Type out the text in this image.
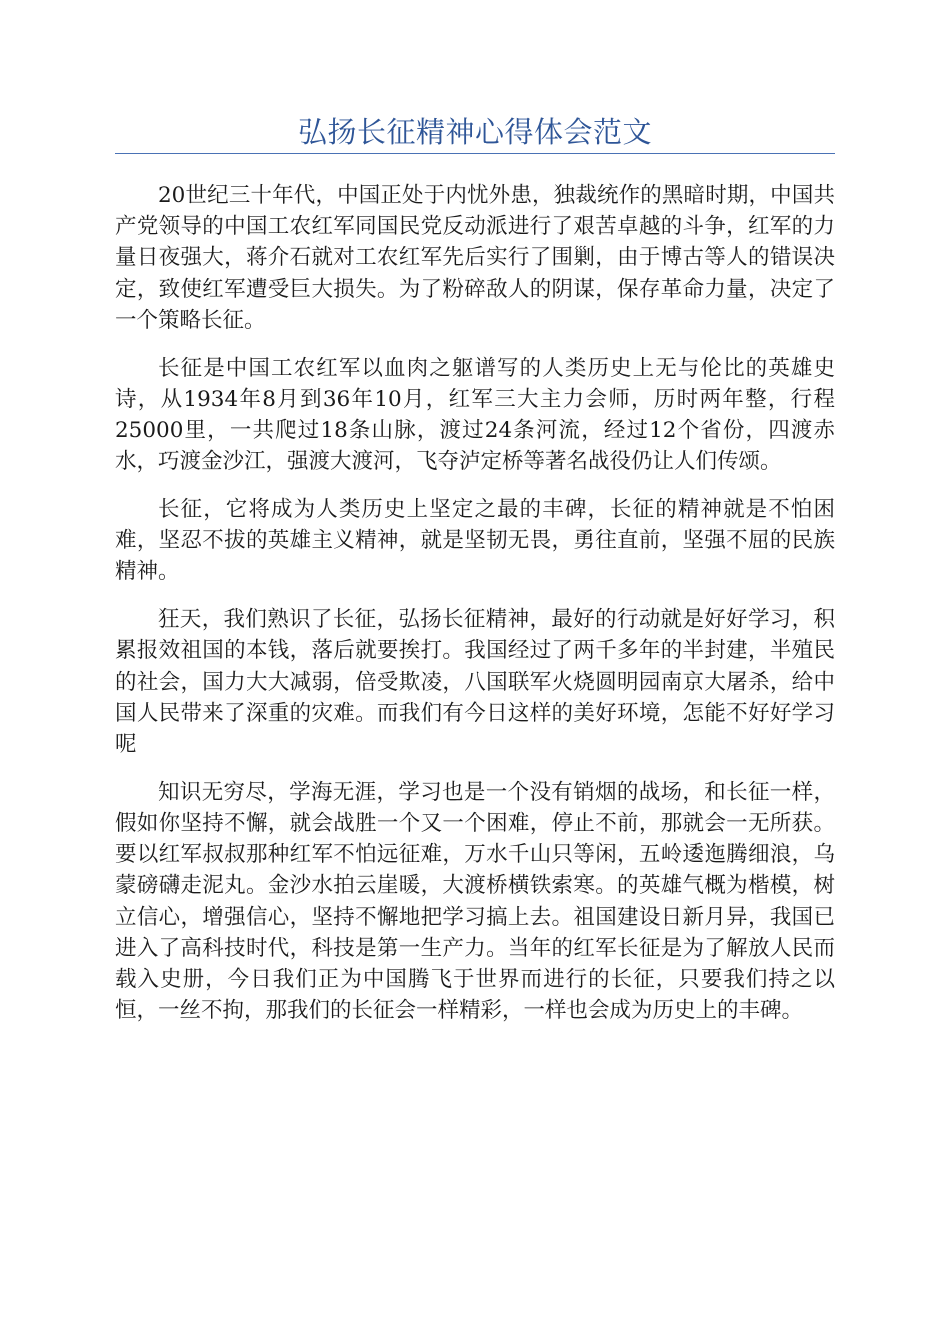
弘扬长征精神心得体会范文

20世纪三十年代，中国正处于内忧外患，独裁统作的黑暗时期，中国共产党领导的中国工农红军同国民党反动派进行了艰苦卓越的斗争，红军的力量日夜强大，蒋介石就对工农红军先后实行了围剿，由于博古等人的错误决定，致使红军遭受巨大损失。为了粉碎敌人的阴谋，保存革命力量，决定了一个策略长征。

长征是中国工农红军以血肉之躯谱写的人类历史上无与伦比的英雄史诗，从1934年8月到36年10月，红军三大主力会师，历时两年整，行程25000里，一共爬过18条山脉，渡过24条河流，经过12个省份，四渡赤水，巧渡金沙江，强渡大渡河，飞夺泸定桥等著名战役仍让人们传颂。

长征，它将成为人类历史上坚定之最的丰碑，长征的精神就是不怕困难，坚忍不拔的英雄主义精神，就是坚韧无畏，勇往直前，坚强不屈的民族精神。

狂天，我们熟识了长征，弘扬长征精神，最好的行动就是好好学习，积累报效祖国的本钱，落后就要挨打。我国经过了两千多年的半封建，半殖民的社会，国力大大减弱，倍受欺凌，八国联军火烧圆明园南京大屠杀，给中国人民带来了深重的灾难。而我们有今日这样的美好环境，怎能不好好学习呢

知识无穷尽，学海无涯，学习也是一个没有销烟的战场，和长征一样，假如你坚持不懈，就会战胜一个又一个困难，停止不前，那就会一无所获。要以红军叔叔那种红军不怕远征难，万水千山只等闲，五岭逶迤腾细浪，乌蒙磅礴走泥丸。金沙水拍云崖暖，大渡桥横铁索寒。的英雄气概为楷模，树立信心，增强信心，坚持不懈地把学习搞上去。祖国建设日新月异，我国已进入了高科技时代，科技是第一生产力。当年的红军长征是为了解放人民而载入史册，今日我们正为中国腾飞于世界而进行的长征，只要我们持之以恒，一丝不拘，那我们的长征会一样精彩，一样也会成为历史上的丰碑。
